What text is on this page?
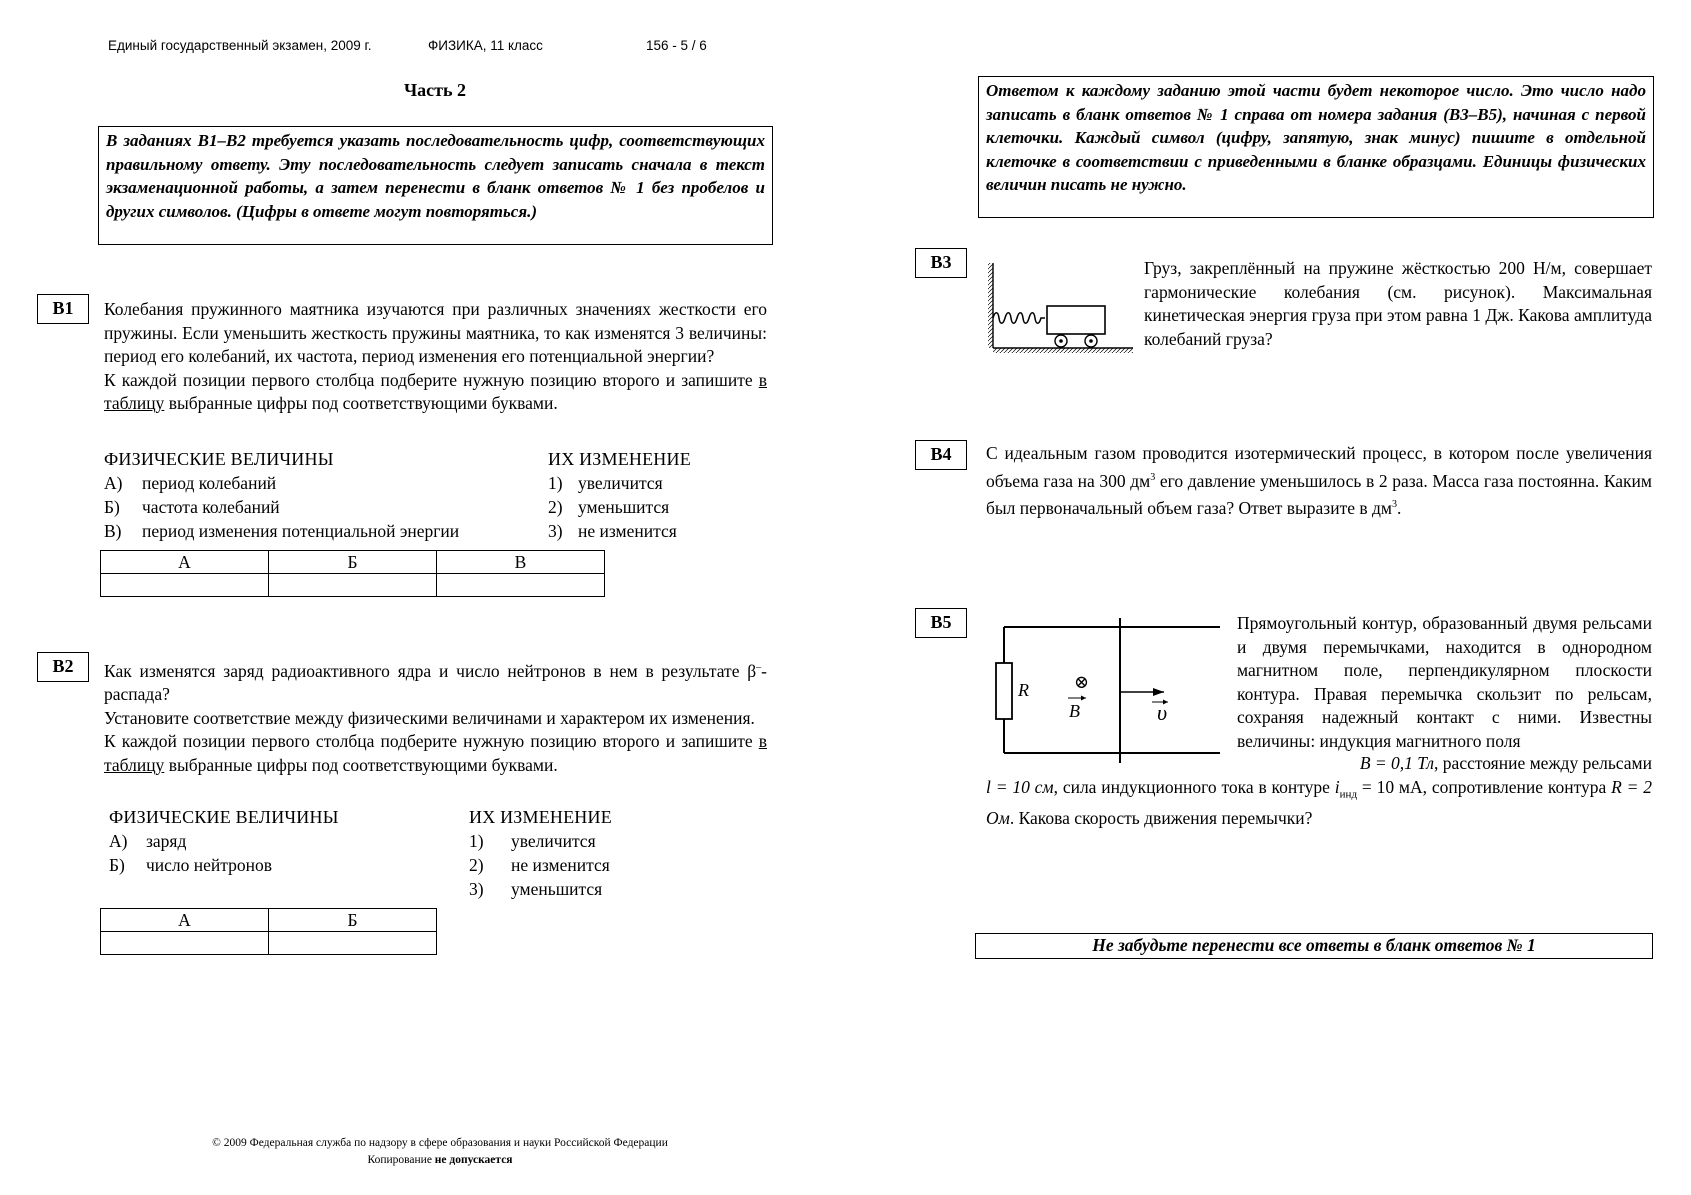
Единый государственный экзамен, 2009 г.	ФИЗИКА, 11 класс	156 - 5 / 6
Часть 2
В заданиях В1–В2 требуется указать последовательность цифр, соответствующих правильному ответу. Эту последовательность следует записать сначала в текст экзаменационной работы, а затем перенести в бланк ответов № 1 без пробелов и других символов. (Цифры в ответе могут повторяться.)
В1	Колебания пружинного маятника изучаются при различных значениях жесткости его пружины. Если уменьшить жесткость пружины маятника, то как изменятся 3 величины: период его колебаний, их частота, период изменения его потенциальной энергии?

К каждой позиции первого столбца подберите нужную позицию второго и запишите в таблицу выбранные цифры под соответствующими буквами.

ФИЗИЧЕСКИЕ ВЕЛИЧИНЫ	ИХ ИЗМЕНЕНИЕ
А) период колебаний
Б) частота колебаний
В) период изменения потенциальной энергии
1) увеличится
2) уменьшится
3) не изменится
А	Б	В

В2	Как изменятся заряд радиоактивного ядра и число нейтронов в нем в результате β–-распада?

Установите соответствие между физическими величинами и характером их изменения.

К каждой позиции первого столбца подберите нужную позицию второго и запишите в таблицу выбранные цифры под соответствующими буквами.

ФИЗИЧЕСКИЕ ВЕЛИЧИНЫ	ИХ ИЗМЕНЕНИЕ
А) заряд
Б) число нейтронов
1) увеличится
2) не изменится
3) уменьшится
А	Б

Ответом к каждому заданию этой части будет некоторое число. Это число надо записать в бланк ответов № 1 справа от номера задания (В3–В5), начиная с первой клеточки. Каждый символ (цифру, запятую, знак минус) пишите в отдельной клеточке в соответствии с приведенными в бланке образцами. Единицы физических величин писать не нужно.
В3	Груз, закреплённый на пружине жёсткостью 200 Н/м, совершает гармонические колебания (см. рисунок). Максимальная кинетическая энергия груза при этом равна 1 Дж. Какова амплитуда колебаний груза?
В4	С идеальным газом проводится изотермический процесс, в котором после увеличения объема газа на 300 $дм^3$ его давление уменьшилось в 2 раза. Масса газа постоянна. Каким был первоначальный объем газа? Ответ выразите в $дм^3$.
В5
R	⊗
B	υ
Прямоугольный контур, образованный двумя рельсами и двумя перемычками, находится в однородном магнитном поле, перпендикулярном плоскости контура. Правая перемычка скользит по рельсам, сохраняя надежный контакт с ними. Известны величины: индукция магнитного поля
B = 0,1 Тл, расстояние между рельсами
l = 10 см, сила индукционного тока в контуре $i_{инд} = 10$ мА, сопротивление контура R = 2 Ом. Какова скорость движения перемычки?
Не забудьте перенести все ответы в бланк ответов № 1
© 2009 Федеральная служба по надзору в сфере образования и науки Российской Федерации
Копирование не допускается
